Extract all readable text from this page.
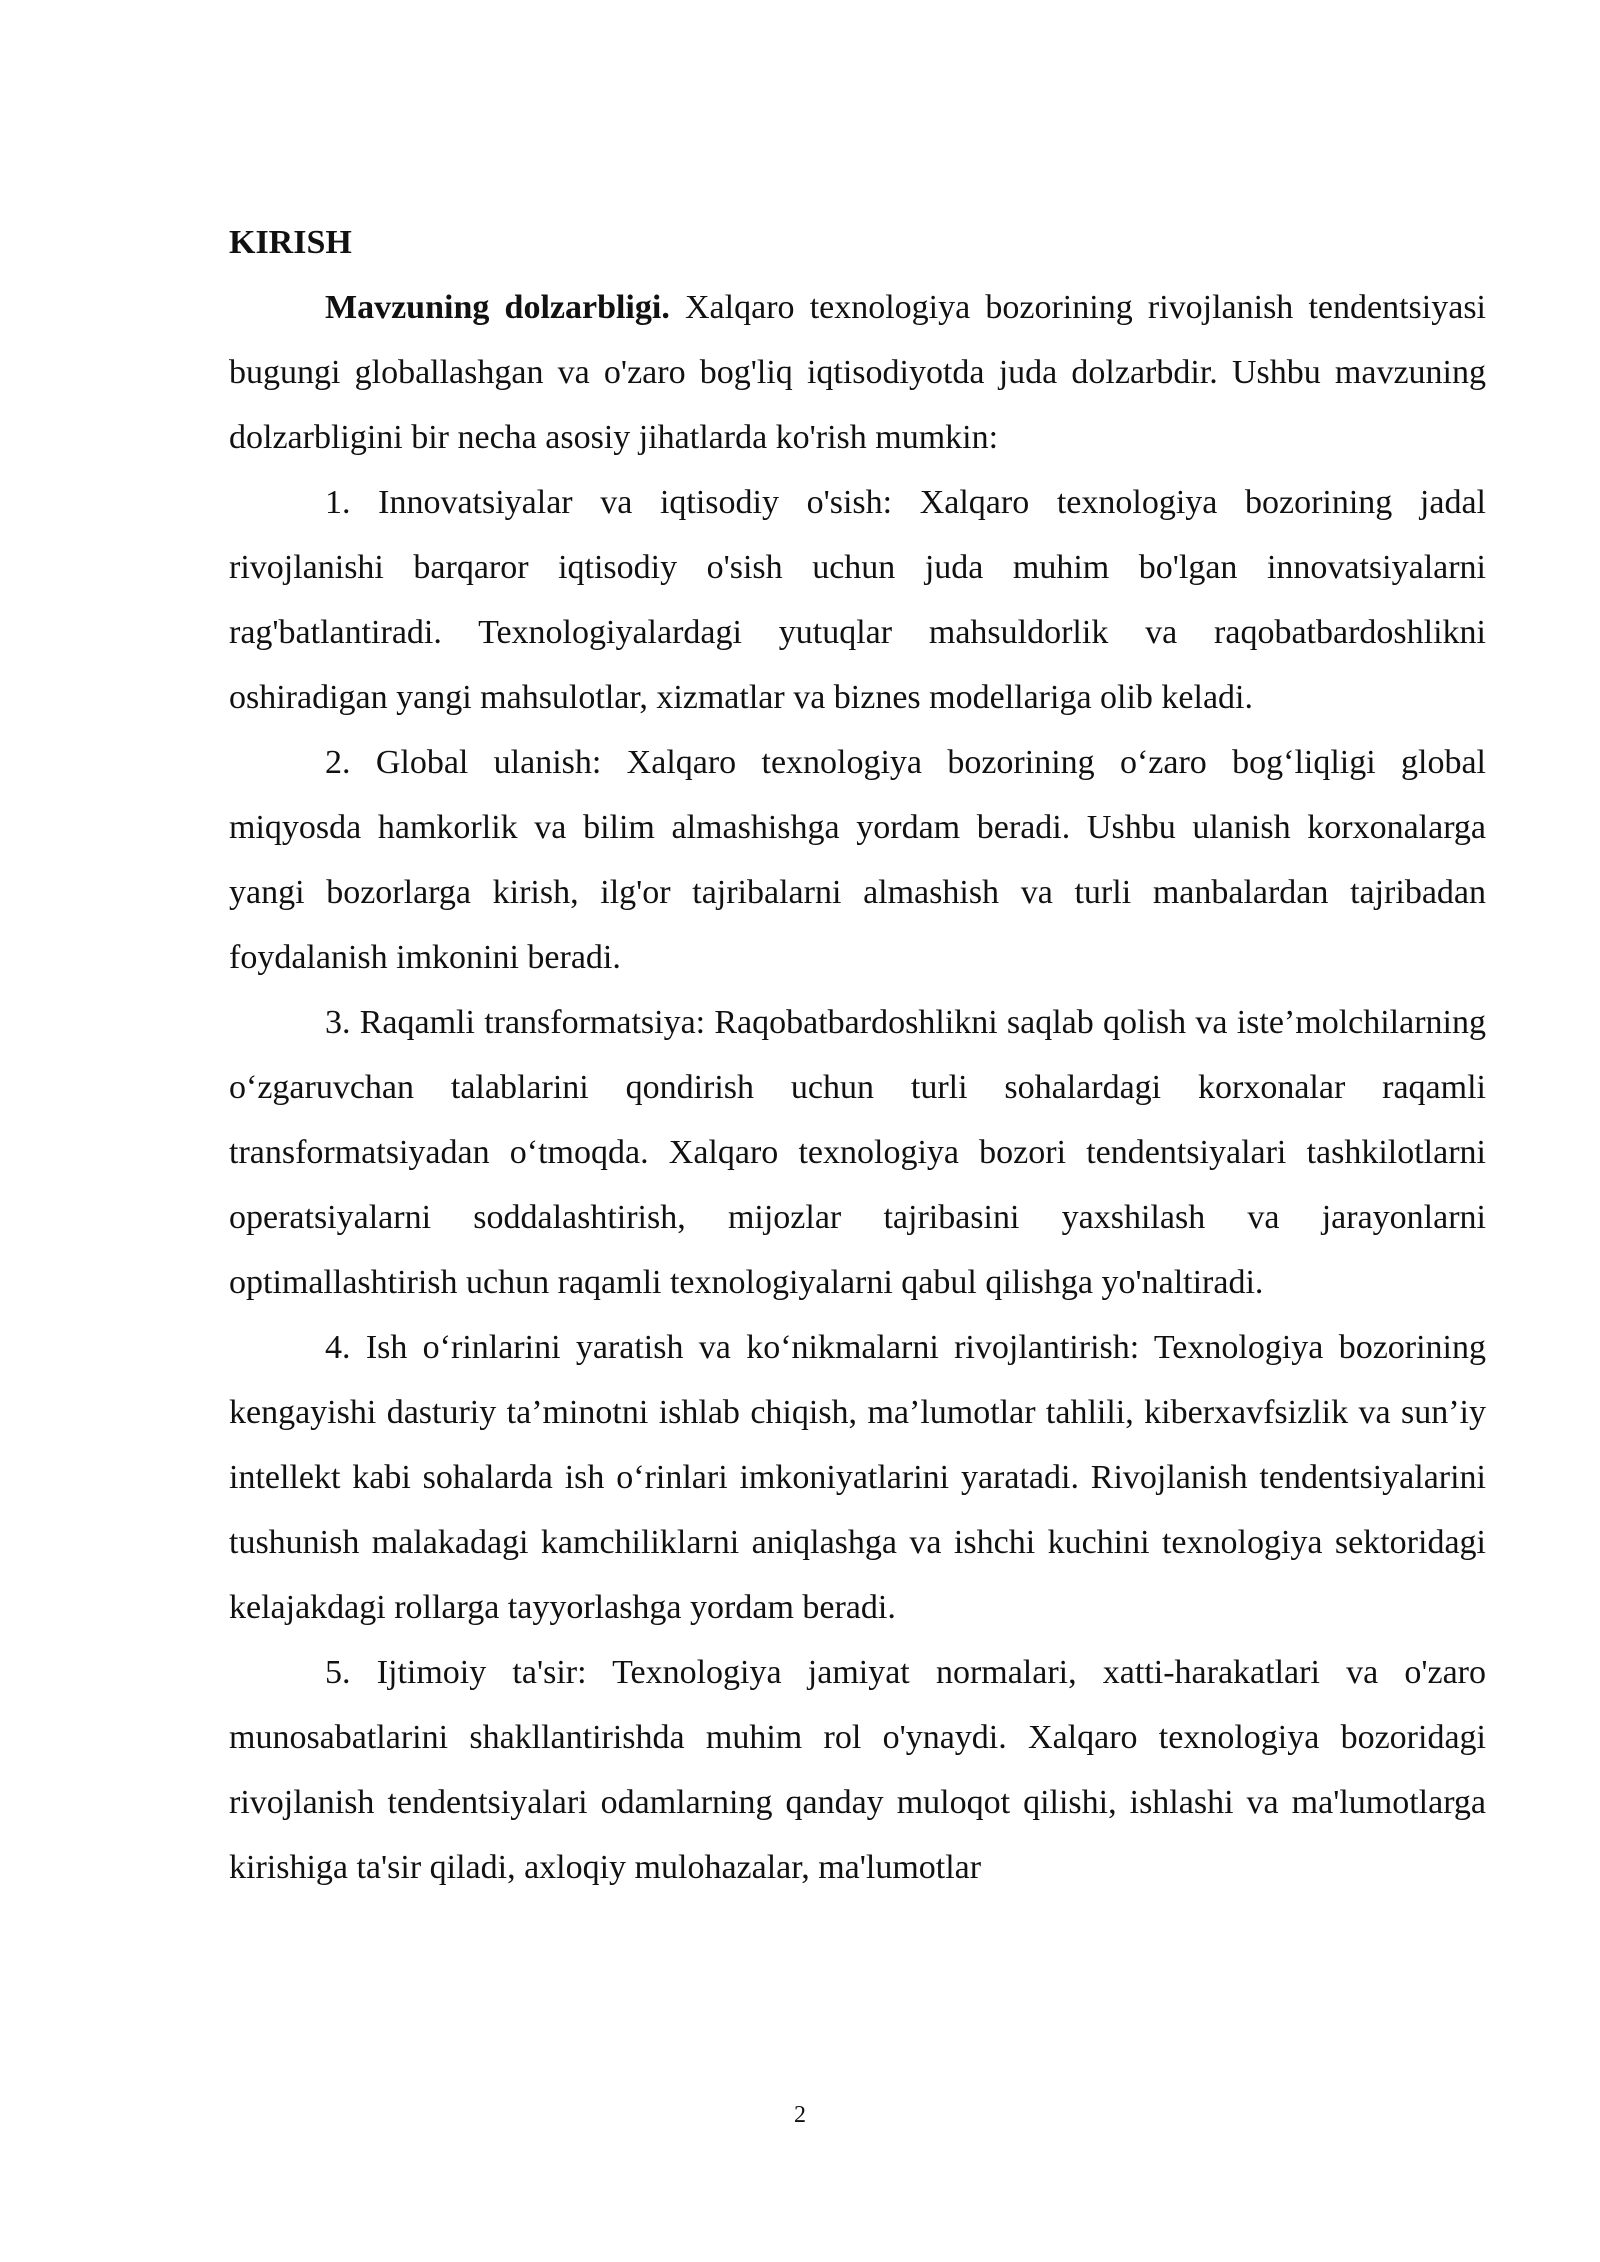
KIRISH

Mavzuning dolzarbligi. Xalqaro texnologiya bozorining rivojlanish tendentsiyasi bugungi globallashgan va o'zaro bog'liq iqtisodiyotda juda dolzarbdir. Ushbu mavzuning dolzarbligini bir necha asosiy jihatlarda ko'rish mumkin:

1. Innovatsiyalar va iqtisodiy o'sish: Xalqaro texnologiya bozorining jadal rivojlanishi barqaror iqtisodiy o'sish uchun juda muhim bo'lgan innovatsiyalarni rag'batlantiradi. Texnologiyalardagi yutuqlar mahsuldorlik va raqobatbardoshlikni oshiradigan yangi mahsulotlar, xizmatlar va biznes modellariga olib keladi.

2. Global ulanish: Xalqaro texnologiya bozorining o‘zaro bog‘liqligi global miqyosda hamkorlik va bilim almashishga yordam beradi. Ushbu ulanish korxonalarga yangi bozorlarga kirish, ilg'or tajribalarni almashish va turli manbalardan tajribadan foydalanish imkonini beradi.

3. Raqamli transformatsiya: Raqobatbardoshlikni saqlab qolish va iste’molchilarning o‘zgaruvchan talablarini qondirish uchun turli sohalardagi korxonalar raqamli transformatsiyadan o‘tmoqda. Xalqaro texnologiya bozori tendentsiyalari tashkilotlarni operatsiyalarni soddalashtirish, mijozlar tajribasini yaxshilash va jarayonlarni optimallashtirish uchun raqamli texnologiyalarni qabul qilishga yo'naltiradi.

4. Ish o‘rinlarini yaratish va ko‘nikmalarni rivojlantirish: Texnologiya bozorining kengayishi dasturiy ta’minotni ishlab chiqish, ma’lumotlar tahlili, kiberxavfsizlik va sun’iy intellekt kabi sohalarda ish o‘rinlari imkoniyatlarini yaratadi. Rivojlanish tendentsiyalarini tushunish malakadagi kamchiliklarni aniqlashga va ishchi kuchini texnologiya sektoridagi kelajakdagi rollarga tayyorlashga yordam beradi.

5. Ijtimoiy ta'sir: Texnologiya jamiyat normalari, xatti-harakatlari va o'zaro munosabatlarini shakllantirishda muhim rol o'ynaydi. Xalqaro texnologiya bozoridagi rivojlanish tendentsiyalari odamlarning qanday muloqot qilishi, ishlashi va ma'lumotlarga kirishiga ta'sir qiladi, axloqiy mulohazalar, ma'lumotlar

2
